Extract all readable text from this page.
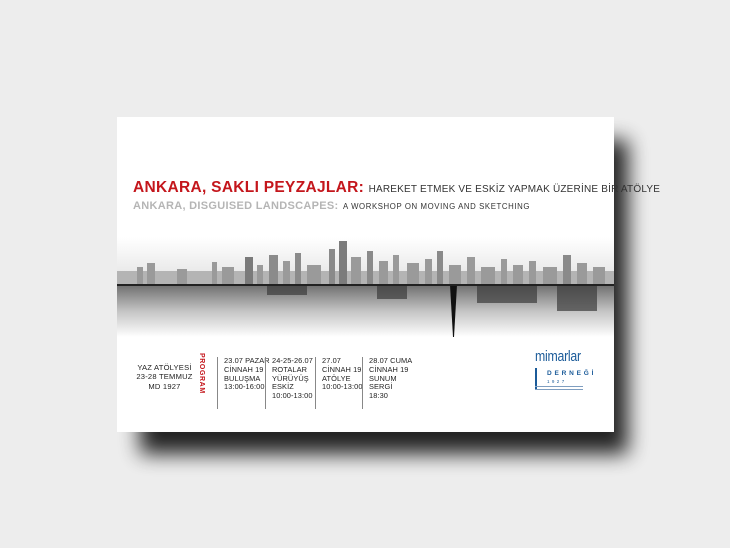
ANKARA, SAKLI PEYZAJLAR: HAREKET ETMEK VE ESKİZ YAPMAK ÜZERİNE BİR ATÖLYE
ANKARA, DISGUISED LANDSCAPES: A WORKSHOP ON MOVING AND SKETCHING
YAZ ATÖLYESİ
23-28 TEMMUZ
MD 1927	PROGRAM	23.07 PAZAR
CİNNAH 19
BULUŞMA
13:00-16:00
24-25-26.07
ROTALAR
YÜRÜYÜŞ
ESKİZ
10:00-13:00
27.07
CİNNAH 19
ATÖLYE
10:00-13:00
28.07 CUMA
CİNNAH 19
SUNUM
SERGİ
18:30
mimarlar
DERNEĞİ
1927
